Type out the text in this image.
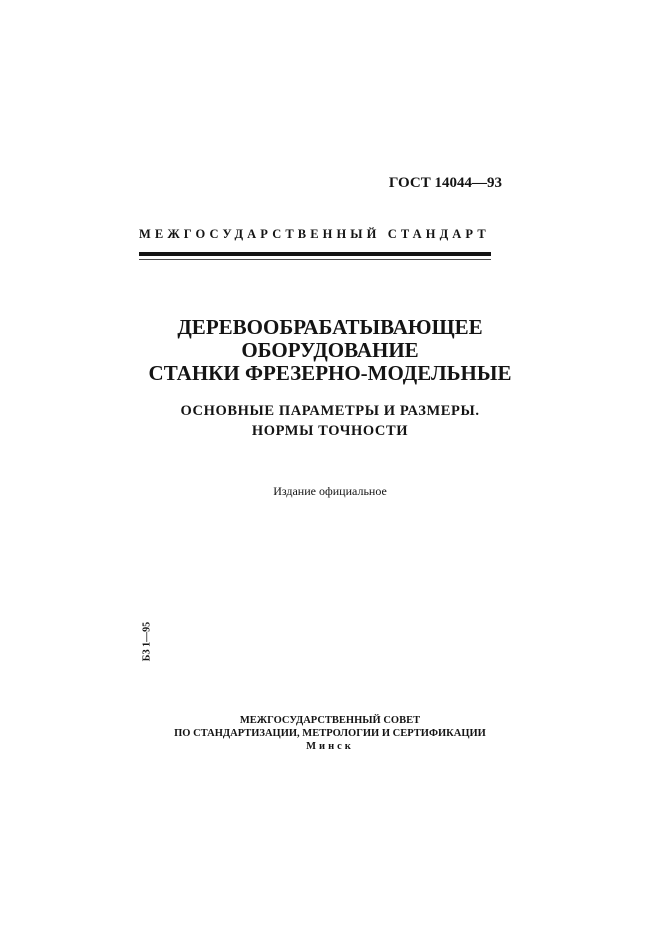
ГОСТ 14044—93
МЕЖГОСУДАРСТВЕННЫЙ СТАНДАРТ
ДЕРЕВООБРАБАТЫВАЮЩЕЕ
ОБОРУДОВАНИЕ
СТАНКИ ФРЕЗЕРНО-МОДЕЛЬНЫЕ
ОСНОВНЫЕ ПАРАМЕТРЫ И РАЗМЕРЫ.
НОРМЫ ТОЧНОСТИ
Издание официальное
БЗ 1—95
МЕЖГОСУДАРСТВЕННЫЙ СОВЕТ
ПО СТАНДАРТИЗАЦИИ, МЕТРОЛОГИИ И СЕРТИФИКАЦИИ
Минск
